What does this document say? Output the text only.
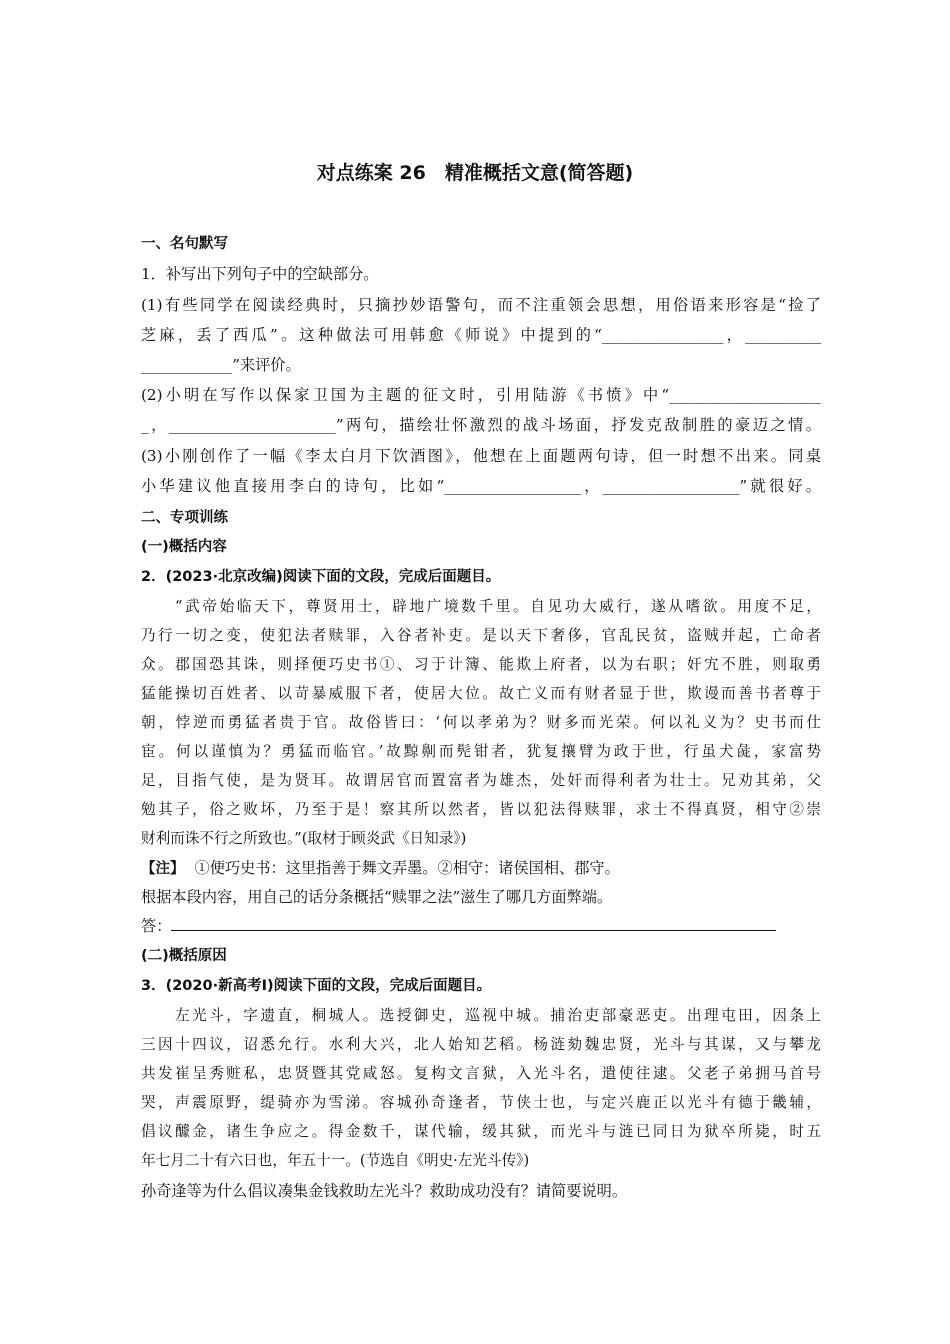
对点练案 26　精准概括文意(简答题)
一、名句默写
1．补写出下列句子中的空缺部分。
(1)有些同学在阅读经典时，只摘抄妙语警句，而不注重领会思想，用俗语来形容是“捡了
芝麻，丢了西瓜”。这种做法可用韩愈《师说》中提到的“________________，__________
____________”来评价。
(2)小明在写作以保家卫国为主题的征文时，引用陆游《书愤》中“____________________
_，______________________”两句，描绘壮怀激烈的战斗场面，抒发克敌制胜的豪迈之情。
(3)小刚创作了一幅《李太白月下饮酒图》，他想在上面题两句诗，但一时想不出来。同桌
小华建议他直接用李白的诗句，比如“__________________，__________________”就很好。
二、专项训练
(一)概括内容
2．(2023·北京改编)阅读下面的文段，完成后面题目。
“武帝始临天下，尊贤用士，辟地广境数千里。自见功大威行，遂从嗜欲。用度不足，
乃行一切之变，使犯法者赎罪，入谷者补吏。是以天下奢侈，官乱民贫，盗贼并起，亡命者
众。郡国恐其诛，则择便巧史书①、习于计簿、能欺上府者，以为右职；奸宄不胜，则取勇
猛能操切百姓者、以苛暴威服下者，使居大位。故亡义而有财者显于世，欺谩而善书者尊于
朝，悖逆而勇猛者贵于官。故俗皆曰：‘何以孝弟为？财多而光荣。何以礼义为？史书而仕
宦。何以谨慎为？勇猛而临官。’故黥劓而髡钳者，犹复攘臂为政于世，行虽犬彘，家富势
足，目指气使，是为贤耳。故谓居官而置富者为雄杰，处奸而得利者为壮士。兄劝其弟，父
勉其子，俗之败坏，乃至于是！察其所以然者，皆以犯法得赎罪，求士不得真贤，相守②崇
财利而诛不行之所致也。”(取材于顾炎武《日知录》)
【注】 ①便巧史书：这里指善于舞文弄墨。②相守：诸侯国相、郡守。
根据本段内容，用自己的话分条概括“赎罪之法”滋生了哪几方面弊端。
答：
(二)概括原因
3．(2020·新高考Ⅰ)阅读下面的文段，完成后面题目。
左光斗，字遗直，桐城人。选授御史，巡视中城。捕治吏部豪恶吏。出理屯田，因条上
三因十四议，诏悉允行。水利大兴，北人始知艺稻。杨涟劾魏忠贤，光斗与其谋，又与攀龙
共发崔呈秀赃私，忠贤暨其党咸怒。复构文言狱，入光斗名，遣使往逮。父老子弟拥马首号
哭，声震原野，缇骑亦为雪涕。容城孙奇逢者，节侠士也，与定兴鹿正以光斗有德于畿辅，
倡议醵金，诸生争应之。得金数千，谋代输，缓其狱，而光斗与涟已同日为狱卒所毙，时五
年七月二十有六日也，年五十一。(节选自《明史·左光斗传》)
孙奇逢等为什么倡议凑集金钱救助左光斗？救助成功没有？请简要说明。
